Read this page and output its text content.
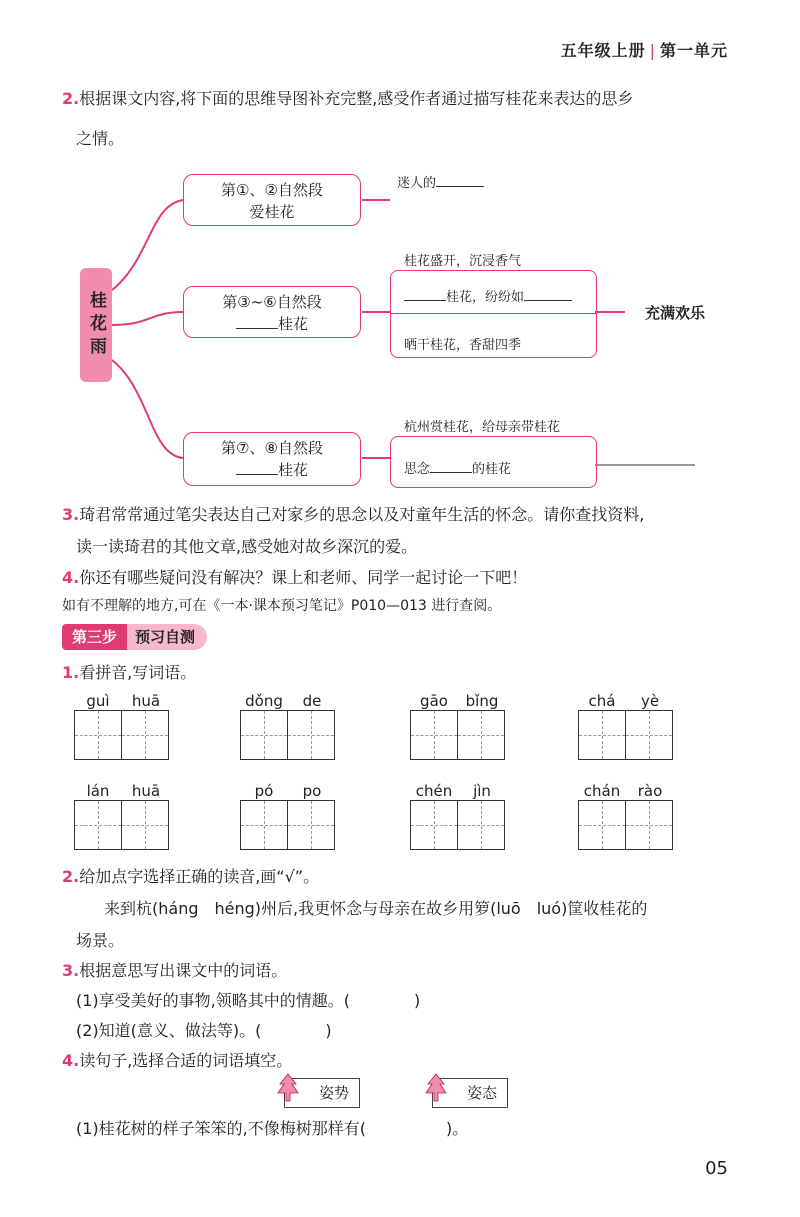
五年级上册 | 第一单元
2.根据课文内容,将下面的思维导图补充完整,感受作者通过描写桂花来表达的思乡
之情。
桂花雨
第①、②自然段
爱桂花
迷人的
第③~⑥自然段
桂花
桂花盛开，沉浸香气
桂花，纷纷如
晒干桂花，香甜四季
充满欢乐
第⑦、⑧自然段
桂花
杭州赏桂花，给母亲带桂花
思念	的桂花
3.琦君常常通过笔尖表达自己对家乡的思念以及对童年生活的怀念。请你查找资料,
读一读琦君的其他文章,感受她对故乡深沉的爱。
4.你还有哪些疑问没有解决？课上和老师、同学一起讨论一下吧！
如有不理解的地方,可在《一本·课本预习笔记》P010—013 进行查阅。
第三步 预习自测
1.看拼音,写词语。
guì	huā	dǒng	de	gāo	bǐng	chá	yè
lán	huā	pó	po	chén	jìn	chán	rào
2.给加点字选择正确的读音,画“√”。
来到杭(háng　héng)州后,我更怀念与母亲在故乡用箩(luō　luó)筐收桂花的
场景。
3.根据意思写出课文中的词语。
(1)享受美好的事物,领略其中的情趣。(　　　　)
(2)知道(意义、做法等)。(　　　　)
4.读句子,选择合适的词语填空。
姿势	姿态
(1)桂花树的样子笨笨的,不像梅树那样有(　　　　　)。
05
